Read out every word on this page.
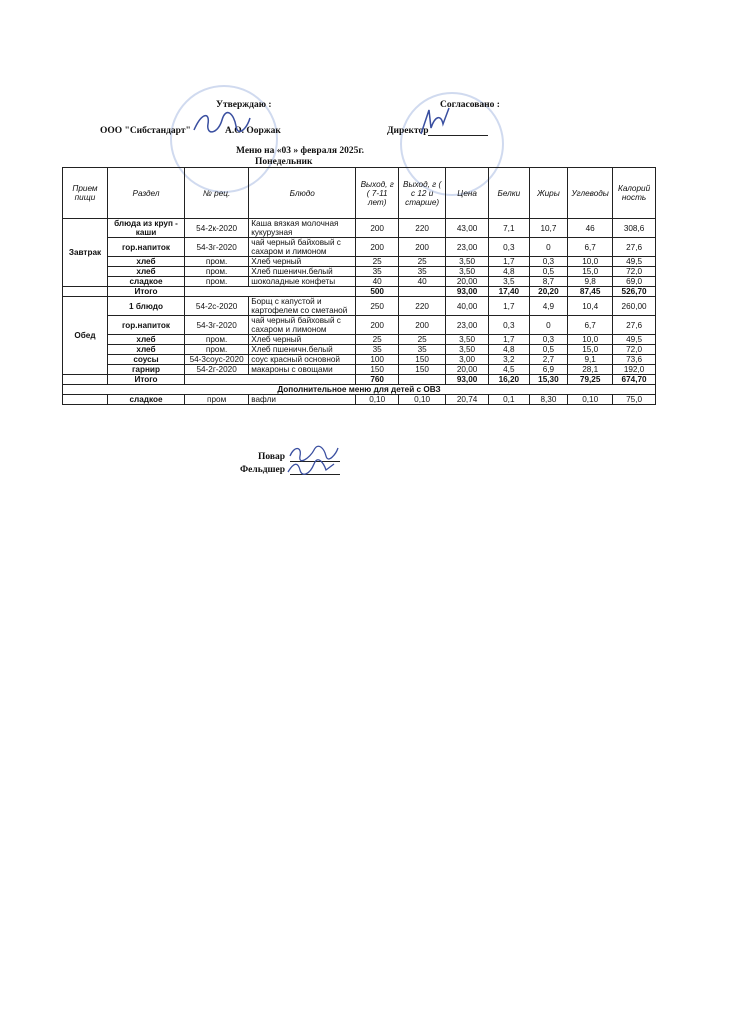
Утверждаю :	Согласовано :
ООО "Сибстандарт"	А.О. Ооржак	Директор
Меню на «03 » февраля 2025г.
Понедельник
Прием пищи	Раздел	№ рец.	Блюдо	Выход, г ( 7-11 лет)	Выход, г ( с 12 и старше)	Цена	Белки	Жиры	Углеводы	Калорий ность
Завтрак	блюда из круп - каши	54-2к-2020	Каша вязкая молочная кукурузная	200	220	43,00	7,1	10,7	46	308,6
	гор.напиток	54-3г-2020	чай черный байховый с сахаром и лимоном	200	200	23,00	0,3	0	6,7	27,6
	хлеб	пром.	Хлеб черный	25	25	3,50	1,7	0,3	10,0	49,5
	хлеб	пром.	Хлеб пшеничн.белый	35	35	3,50	4,8	0,5	15,0	72,0
	сладкое	пром.	шоколадные конфеты	40	40	20,00	3,5	8,7	9,8	69,0
	Итого			500		93,00	17,40	20,20	87,45	526,70
Обед	1 блюдо	54-2с-2020	Борщ с капустой и картофелем со сметаной	250	220	40,00	1,7	4,9	10,4	260,00
	гор.напиток	54-3г-2020	чай черный байховый с сахаром и лимоном	200	200	23,00	0,3	0	6,7	27,6
	хлеб	пром.	Хлеб черный	25	25	3,50	1,7	0,3	10,0	49,5
	хлеб	пром.	Хлеб пшеничн.белый	35	35	3,50	4,8	0,5	15,0	72,0
	соусы	54-3соус-2020	соус красный основной	100	150	3,00	3,2	2,7	9,1	73,6
	гарнир	54-2г-2020	макароны с овощами	150	150	20,00	4,5	6,9	28,1	192,0
	Итого			760		93,00	16,20	15,30	79,25	674,70
Дополнительное меню для детей с ОВЗ										
	сладкое	пром	вафли	0,10	0,10	20,74	0,1	8,30	0,10	75,0
Повар
Фельдшер
